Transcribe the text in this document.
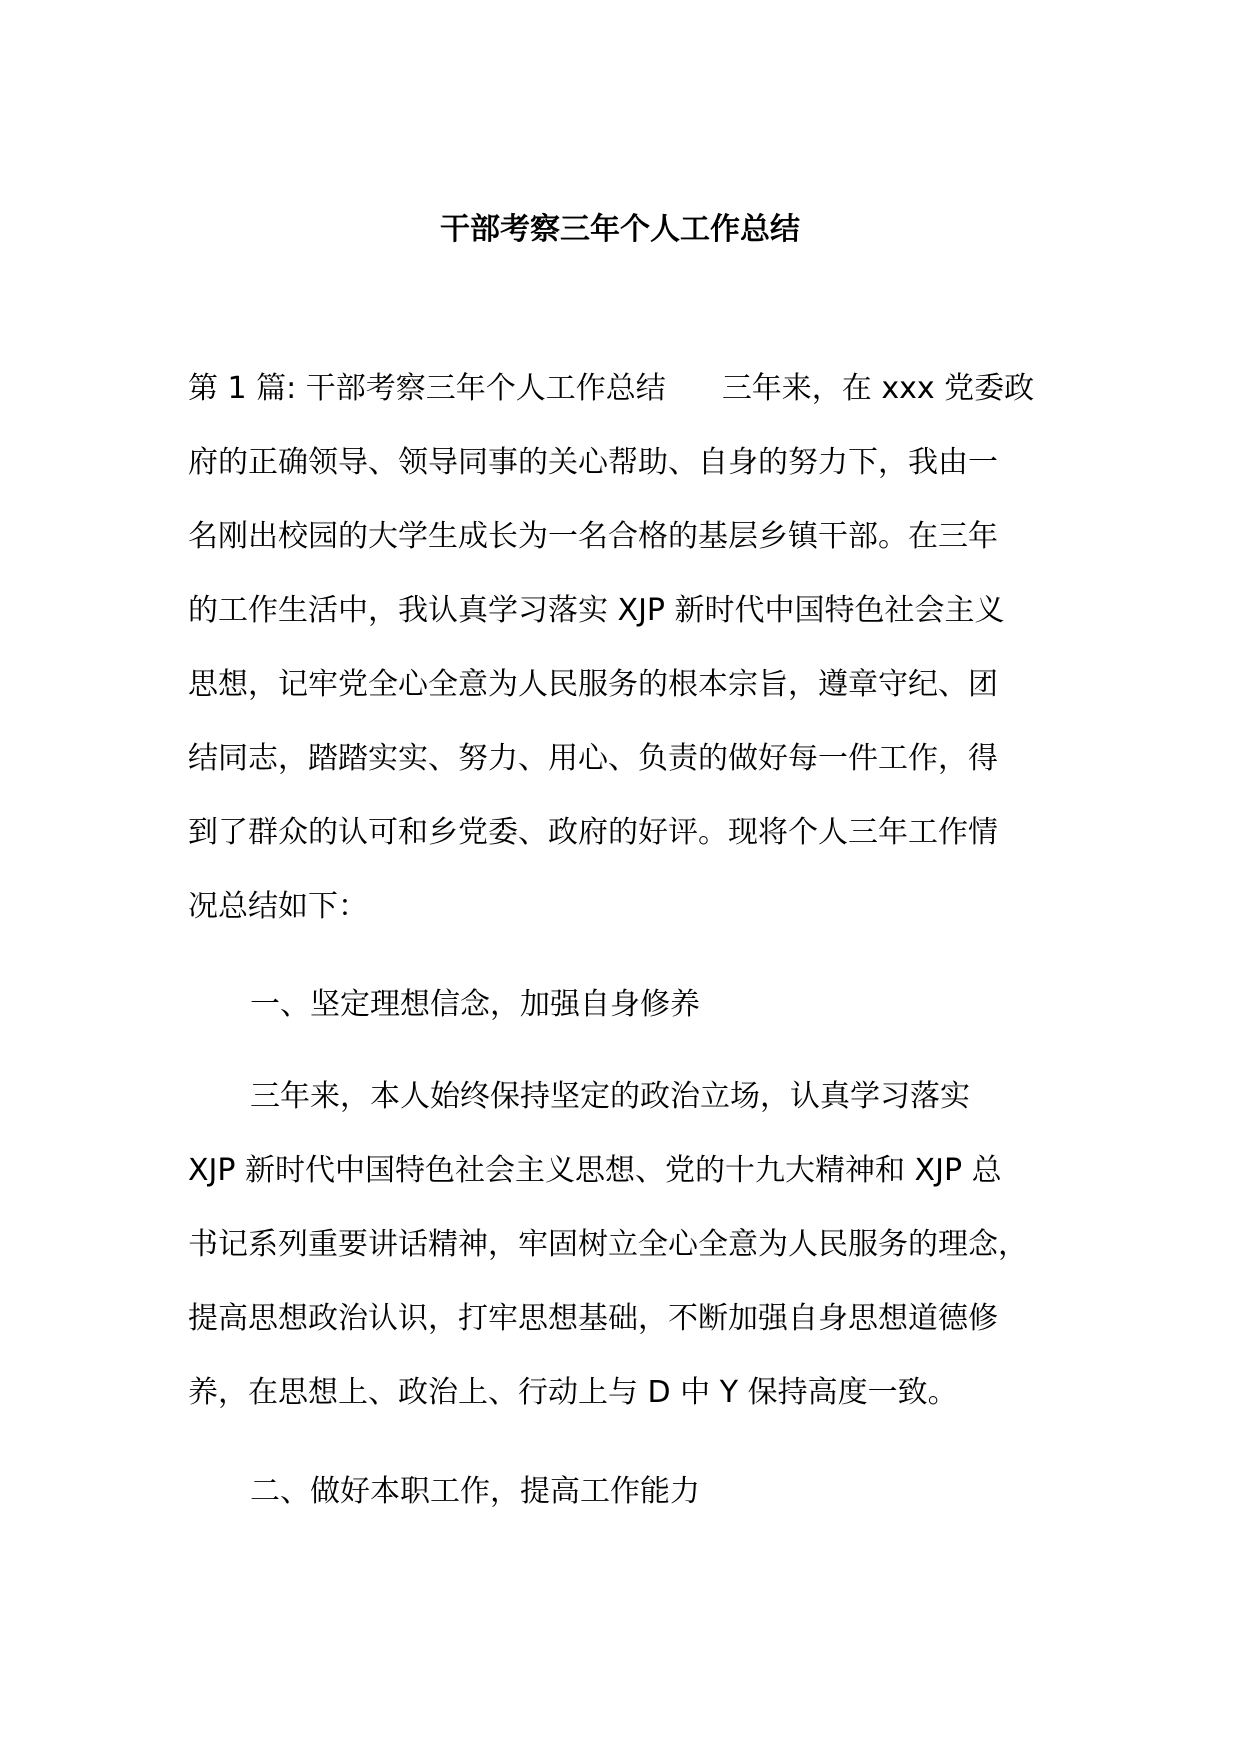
干部考察三年个人工作总结
第 1 篇: 干部考察三年个人工作总结 三年来，在 xxx 党委政
府的正确领导、领导同事的关心帮助、自身的努力下，我由一
名刚出校园的大学生成长为一名合格的基层乡镇干部。在三年
的工作生活中，我认真学习落实 XJP 新时代中国特色社会主义
思想，记牢党全心全意为人民服务的根本宗旨，遵章守纪、团
结同志，踏踏实实、努力、用心、负责的做好每一件工作，得
到了群众的认可和乡党委、政府的好评。现将个人三年工作情
况总结如下：
一、坚定理想信念，加强自身修养
三年来，本人始终保持坚定的政治立场，认真学习落实
XJP 新时代中国特色社会主义思想、党的十九大精神和 XJP 总
书记系列重要讲话精神，牢固树立全心全意为人民服务的理念，
提高思想政治认识，打牢思想基础，不断加强自身思想道德修
养，在思想上、政治上、行动上与 D 中 Y 保持高度一致。
二、做好本职工作，提高工作能力
